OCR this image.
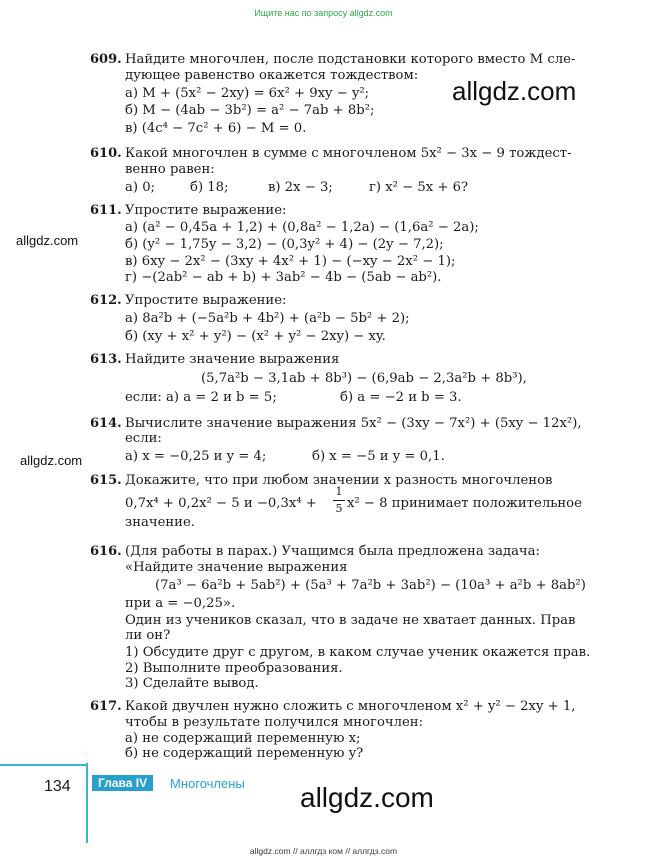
Ищите нас по запросу allgdz.com
609. Найдите многочлен, после подстановки которого вместо M сле-
дующее равенство окажется тождеством:
а) M + (5x² − 2xy) = 6x² + 9xy − y²;
б) M − (4ab − 3b²) = a² − 7ab + 8b²;
в) (4c⁴ − 7c² + 6) − M = 0.
allgdz.com
610. Какой многочлен в сумме с многочленом 5x² − 3x − 9 тождест-
венно равен:
а) 0;	б) 18;	в) 2x − 3;	г) x² − 5x + 6?
611. Упростите выражение:
а) (a² − 0,45a + 1,2) + (0,8a² − 1,2a) − (1,6a² − 2a);
б) (y² − 1,75y − 3,2) − (0,3y² + 4) − (2y − 7,2);
в) 6xy − 2x² − (3xy + 4x² + 1) − (−xy − 2x² − 1);
г) −(2ab² − ab + b) + 3ab² − 4b − (5ab − ab²).
allgdz.com
612. Упростите выражение:
а) 8a²b + (−5a²b + 4b²) + (a²b − 5b² + 2);
б) (xy + x² + y²) − (x² + y² − 2xy) − xy.
613. Найдите значение выражения
(5,7a²b − 3,1ab + 8b³) − (6,9ab − 2,3a²b + 8b³),
если: а) a = 2 и b = 5;	б) a = −2 и b = 3.
614. Вычислите значение выражения 5x² − (3xy − 7x²) + (5xy − 12x²),
если:
а) x = −0,25 и y = 4;	б) x = −5 и y = 0,1.
allgdz.com
615. Докажите, что при любом значении x разность многочленов
0,7x⁴ + 0,2x² − 5 и −0,3x⁴ +
1
5 x² − 8 принимает положительное
значение.
616. (Для работы в парах.) Учащимся была предложена задача:
«Найдите значение выражения
(7a³ − 6a²b + 5ab²) + (5a³ + 7a²b + 3ab²) − (10a³ + a²b + 8ab²)
при a = −0,25».
Один из учеников сказал, что в задаче не хватает данных. Прав
ли он?
1) Обсудите друг с другом, в каком случае ученик окажется прав.
2) Выполните преобразования.
3) Сделайте вывод.
617. Какой двучлен нужно сложить с многочленом x² + y² − 2xy + 1,
чтобы в результате получился многочлен:
а) не содержащий переменную x;
б) не содержащий переменную y?
134	Глава IV	Многочлены allgdz.com
allgdz.com // аллгдз ком // аллгдз.com
